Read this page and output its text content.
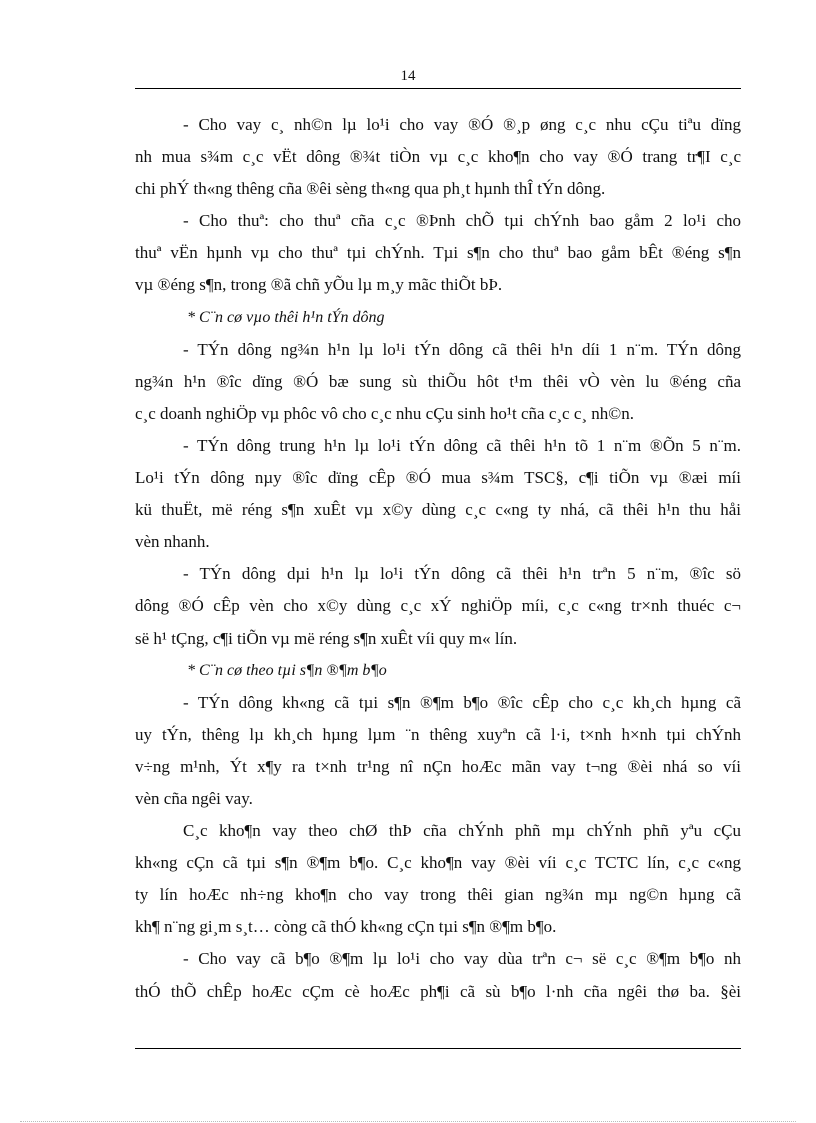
14
- Cho vay c¸ nh©n lµ lo¹i cho vay ®Ó ®¸p øng c¸c nhu cÇu tiªu dïng
nh mua s¾m c¸c vËt dông ®¾t tiÒn vµ c¸c kho¶n cho vay ®Ó trang tr¶I c¸c
chi phÝ th«ng thêng cña ®êi sèng th«ng qua ph¸t hµnh thÎ tÝn dông.
- Cho thuª: cho thuª cña c¸c ®Þnh chÕ tµi chÝnh bao gåm 2 lo¹i cho
thuª vËn hµnh vµ cho thuª tµi chÝnh. Tµi s¶n cho thuª bao gåm bÊt ®éng s¶n
vµ ®éng s¶n, trong ®ã chñ yÕu lµ m¸y mãc thiÕt bÞ.
* C¨n cø vµo thêi h¹n tÝn dông
- TÝn dông ng¾n h¹n lµ lo¹i tÝn dông cã thêi h¹n díi 1 n¨m. TÝn dông
ng¾n h¹n ®îc dïng ®Ó bæ sung sù thiÕu hôt t¹m thêi vÒ vèn lu ®éng cña
c¸c doanh nghiÖp vµ phôc vô cho c¸c nhu cÇu sinh ho¹t cña c¸c c¸ nh©n.
- TÝn dông trung h¹n lµ lo¹i tÝn dông cã thêi h¹n tõ 1 n¨m ®Õn 5 n¨m.
Lo¹i tÝn dông nµy ®îc dïng cÊp ®Ó mua s¾m TSC§, c¶i tiÕn vµ ®æi míi
kü thuËt, më réng s¶n xuÊt vµ x©y dùng c¸c c«ng ty nhá, cã thêi h¹n thu håi
vèn nhanh.
- TÝn dông dµi h¹n lµ lo¹i tÝn dông cã thêi h¹n trªn 5 n¨m, ®îc sö
dông ®Ó cÊp vèn cho x©y dùng c¸c xÝ nghiÖp míi, c¸c c«ng tr×nh thuéc c¬
së h¹ tÇng, c¶i tiÕn vµ më réng s¶n xuÊt víi quy m« lín.
* C¨n cø theo tµi s¶n ®¶m b¶o
- TÝn dông kh«ng cã tµi s¶n ®¶m b¶o ®îc cÊp cho c¸c kh¸ch hµng cã
uy tÝn, thêng lµ kh¸ch hµng lµm ¨n thêng xuyªn cã l·i, t×nh h×nh tµi chÝnh
v÷ng m¹nh, Ýt x¶y ra t×nh tr¹ng nî nÇn hoÆc mãn vay t¬ng ®èi nhá so víi
vèn cña ngêi vay.
C¸c kho¶n vay theo chØ thÞ cña chÝnh phñ mµ chÝnh phñ yªu cÇu
kh«ng cÇn cã tµi s¶n ®¶m b¶o. C¸c kho¶n vay ®èi víi c¸c TCTC lín, c¸c c«ng
ty lín hoÆc nh÷ng kho¶n cho vay trong thêi gian ng¾n mµ ng©n hµng cã
kh¶ n¨ng gi¸m s¸t… còng cã thÓ kh«ng cÇn tµi s¶n ®¶m b¶o.
- Cho vay cã b¶o ®¶m lµ lo¹i cho vay dùa trªn c¬ së c¸c ®¶m b¶o nh
thÓ thÕ chÊp hoÆc cÇm cè hoÆc ph¶i cã sù b¶o l·nh cña ngêi thø ba. §èi
